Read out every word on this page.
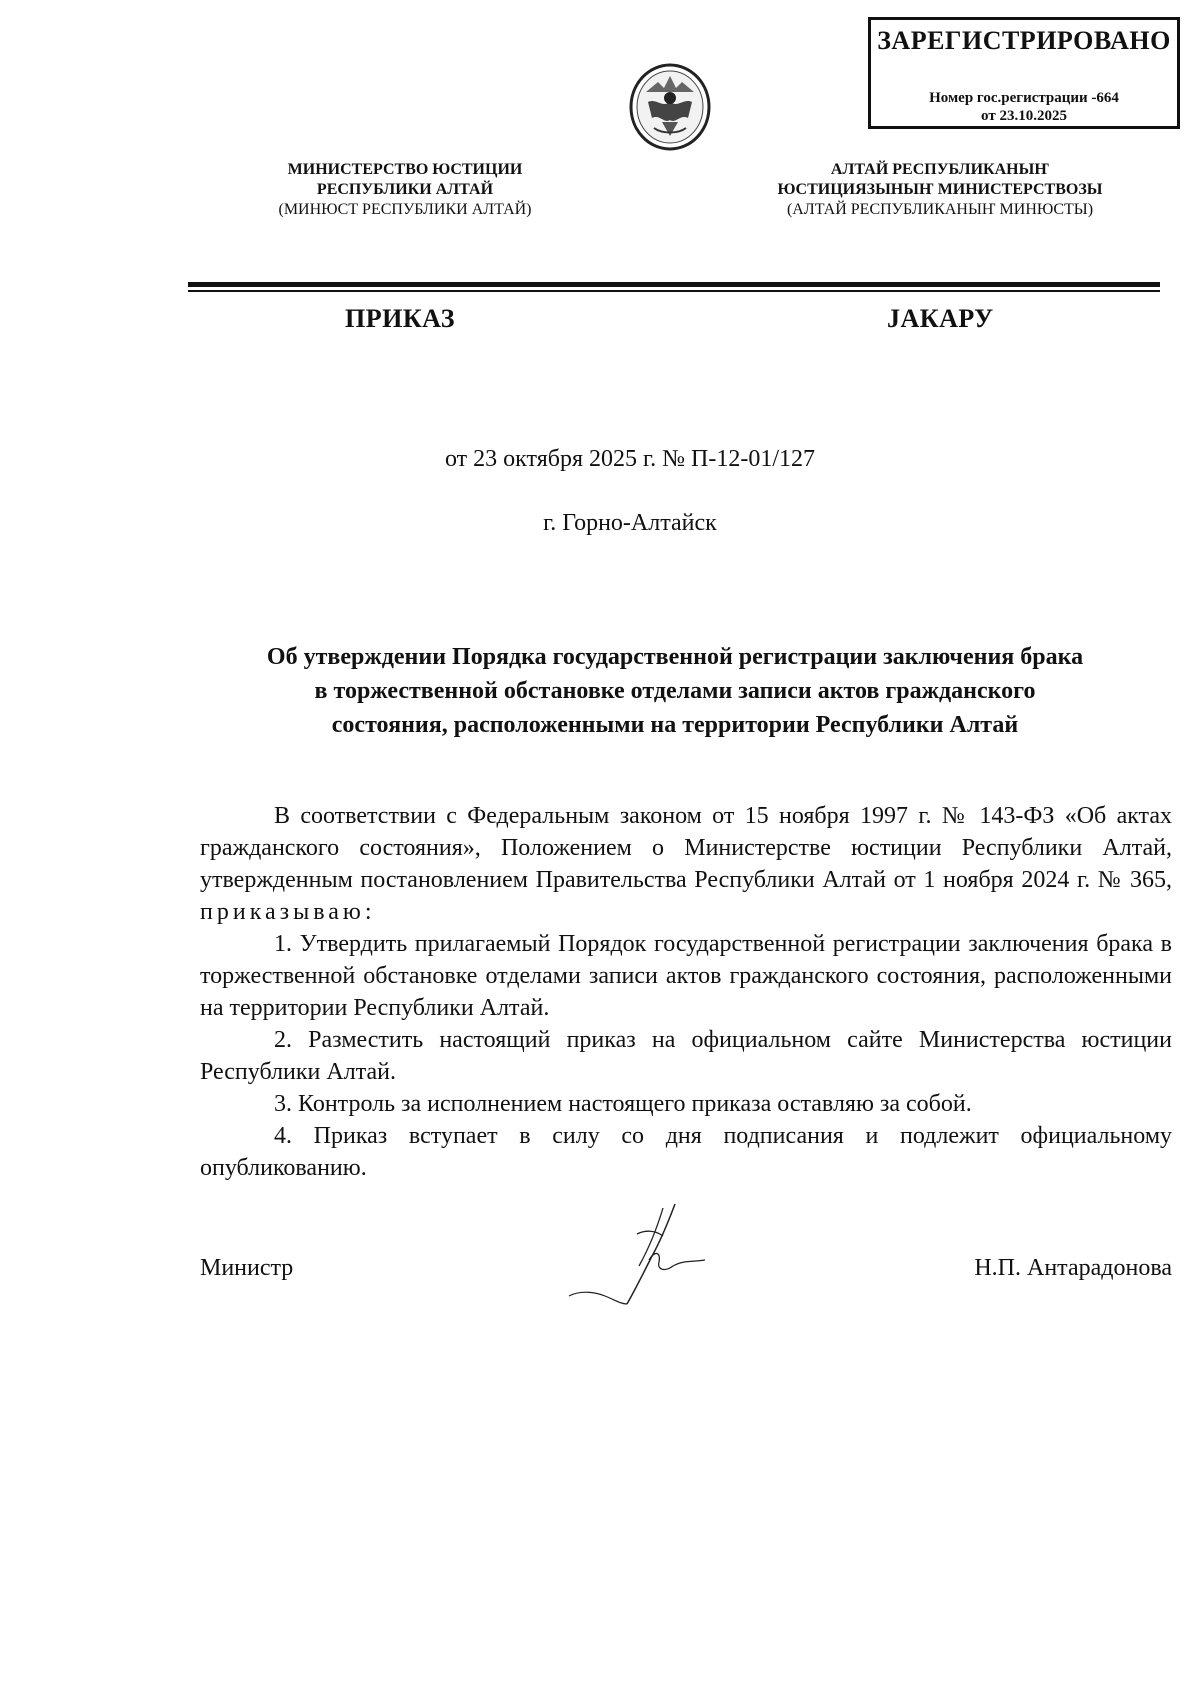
ЗАРЕГИСТРИРОВАНО
Номер гос.регистрации -664
от 23.10.2025
МИНИСТЕРСТВО ЮСТИЦИИ
РЕСПУБЛИКИ АЛТАЙ
(МИНЮСТ РЕСПУБЛИКИ АЛТАЙ)
АЛТАЙ РЕСПУБЛИКАНЫҤ
ЮСТИЦИЯЗЫНЫҤ МИНИСТЕРСТВОЗЫ
(АЛТАЙ РЕСПУБЛИКАНЫҤ МИНЮСТЫ)
ПРИКАЗ	ЈАКАРУ
от 23 октября 2025 г. № П-12-01/127
г. Горно-Алтайск
Об утверждении Порядка государственной регистрации заключения брака
в торжественной обстановке отделами записи актов гражданского
состояния, расположенными на территории Республики Алтай

В соответствии с Федеральным законом от 15 ноября 1997 г. № 143-ФЗ «Об актах гражданского состояния», Положением о Министерстве юстиции Республики Алтай, утвержденным постановлением Правительства Республики Алтай от 1 ноября 2024 г. № 365, приказываю:

1. Утвердить прилагаемый Порядок государственной регистрации заключения брака в торжественной обстановке отделами записи актов гражданского состояния, расположенными на территории Республики Алтай.

2. Разместить настоящий приказ на официальном сайте Министерства юстиции Республики Алтай.

3. Контроль за исполнением настоящего приказа оставляю за собой.

4. Приказ вступает в силу со дня подписания и подлежит официальному опубликованию.

Министр	Н.П. Антарадонова
